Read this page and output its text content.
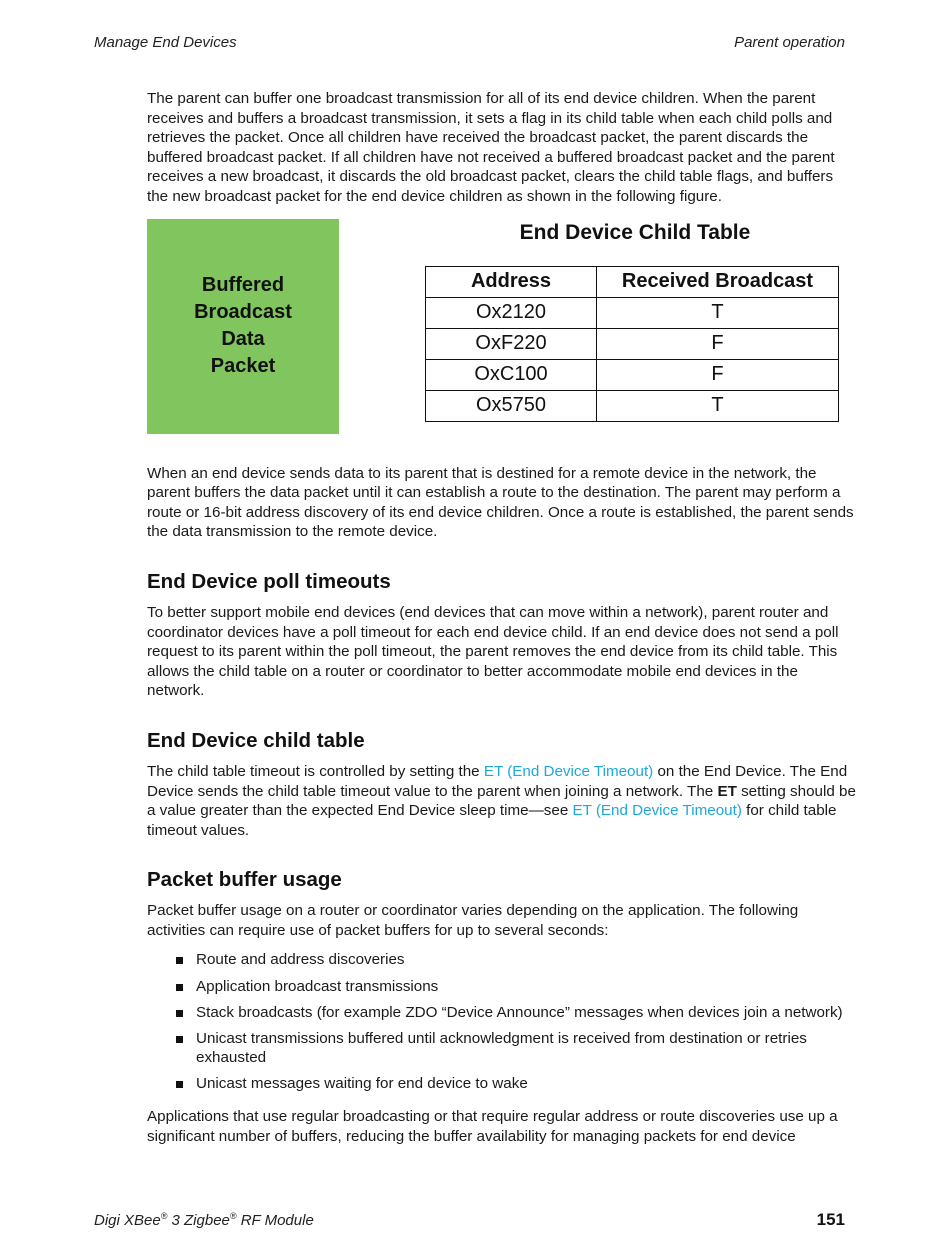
Manage End Devices	Parent operation

The parent can buffer one broadcast transmission for all of its end device children. When the parent receives and buffers a broadcast transmission, it sets a flag in its child table when each child polls and retrieves the packet. Once all children have received the broadcast packet, the parent discards the buffered broadcast packet. If all children have not received a buffered broadcast packet and the parent receives a new broadcast, it discards the old broadcast packet, clears the child table flags, and buffers the new broadcast packet for the end device children as shown in the following figure.

Buffered
Broadcast
Data
Packet
End Device Child Table
Address	Received Broadcast
Ox2120	T
OxF220	F
OxC100	F
Ox5750	T

When an end device sends data to its parent that is destined for a remote device in the network, the parent buffers the data packet until it can establish a route to the destination. The parent may perform a route or 16-bit address discovery of its end device children. Once a route is established, the parent sends the data transmission to the remote device.

End Device poll timeouts

To better support mobile end devices (end devices that can move within a network), parent router and coordinator devices have a poll timeout for each end device child. If an end device does not send a poll request to its parent within the poll timeout, the parent removes the end device from its child table. This allows the child table on a router or coordinator to better accommodate mobile end devices in the network.

End Device child table

The child table timeout is controlled by setting the ET (End Device Timeout) on the End Device. The End Device sends the child table timeout value to the parent when joining a network. The ET setting should be a value greater than the expected End Device sleep time—see ET (End Device Timeout) for child table timeout values.

Packet buffer usage

Packet buffer usage on a router or coordinator varies depending on the application. The following activities can require use of packet buffers for up to several seconds:

Route and address discoveries
Application broadcast transmissions
Stack broadcasts (for example ZDO “Device Announce” messages when devices join a network)
Unicast transmissions buffered until acknowledgment is received from destination or retries exhausted
Unicast messages waiting for end device to wake

Applications that use regular broadcasting or that require regular address or route discoveries use up a significant number of buffers, reducing the buffer availability for managing packets for end device

Digi XBee® 3 Zigbee® RF Module	151
